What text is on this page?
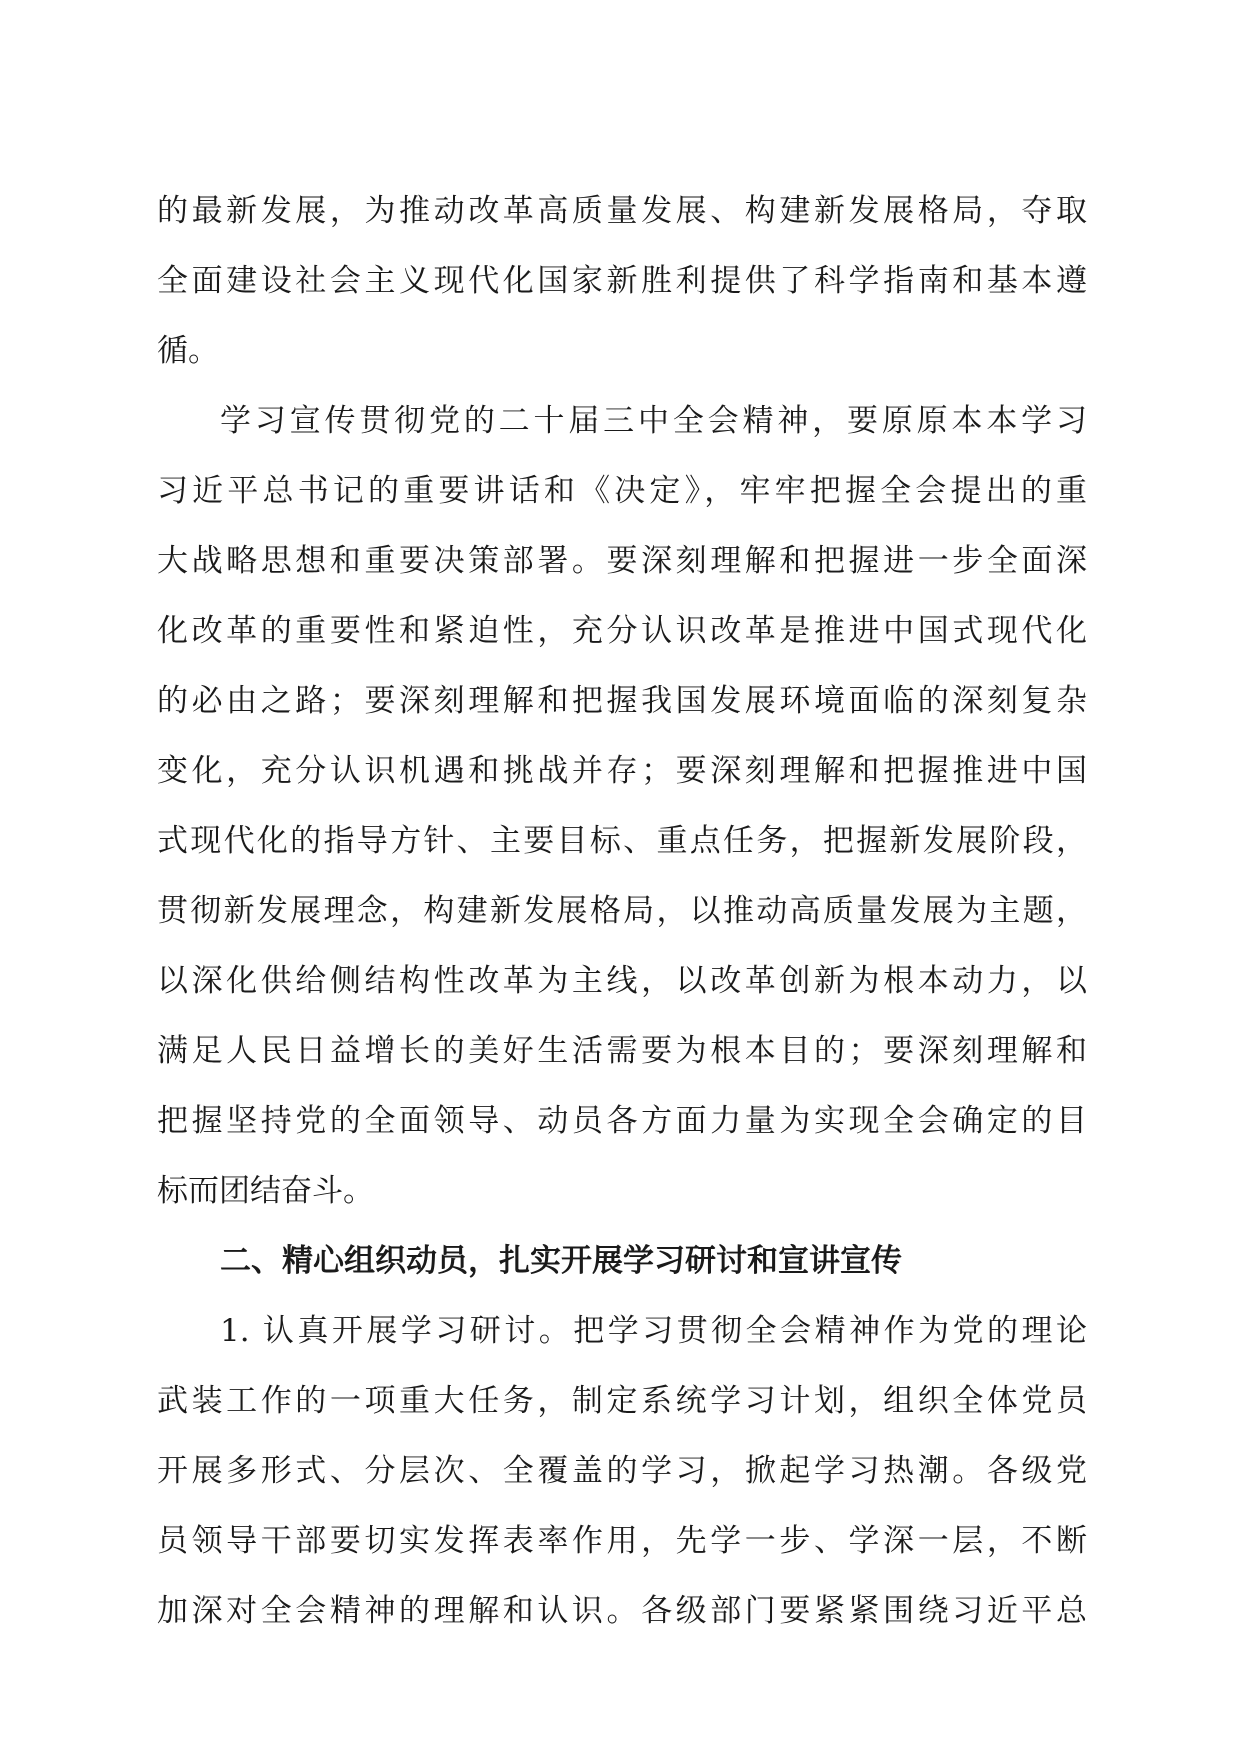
的最新发展，为推动改革高质量发展、构建新发展格局，夺取
全面建设社会主义现代化国家新胜利提供了科学指南和基本遵
循。
学习宣传贯彻党的二十届三中全会精神，要原原本本学习
习近平总书记的重要讲话和《决定》，牢牢把握全会提出的重
大战略思想和重要决策部署。要深刻理解和把握进一步全面深
化改革的重要性和紧迫性，充分认识改革是推进中国式现代化
的必由之路；要深刻理解和把握我国发展环境面临的深刻复杂
变化，充分认识机遇和挑战并存；要深刻理解和把握推进中国
式现代化的指导方针、主要目标、重点任务，把握新发展阶段，
贯彻新发展理念，构建新发展格局，以推动高质量发展为主题，
以深化供给侧结构性改革为主线，以改革创新为根本动力，以
满足人民日益增长的美好生活需要为根本目的；要深刻理解和
把握坚持党的全面领导、动员各方面力量为实现全会确定的目
标而团结奋斗。
二、精心组织动员，扎实开展学习研讨和宣讲宣传
1. 认真开展学习研讨。把学习贯彻全会精神作为党的理论
武装工作的一项重大任务，制定系统学习计划，组织全体党员
开展多形式、分层次、全覆盖的学习，掀起学习热潮。各级党
员领导干部要切实发挥表率作用，先学一步、学深一层，不断
加深对全会精神的理解和认识。各级部门要紧紧围绕习近平总
